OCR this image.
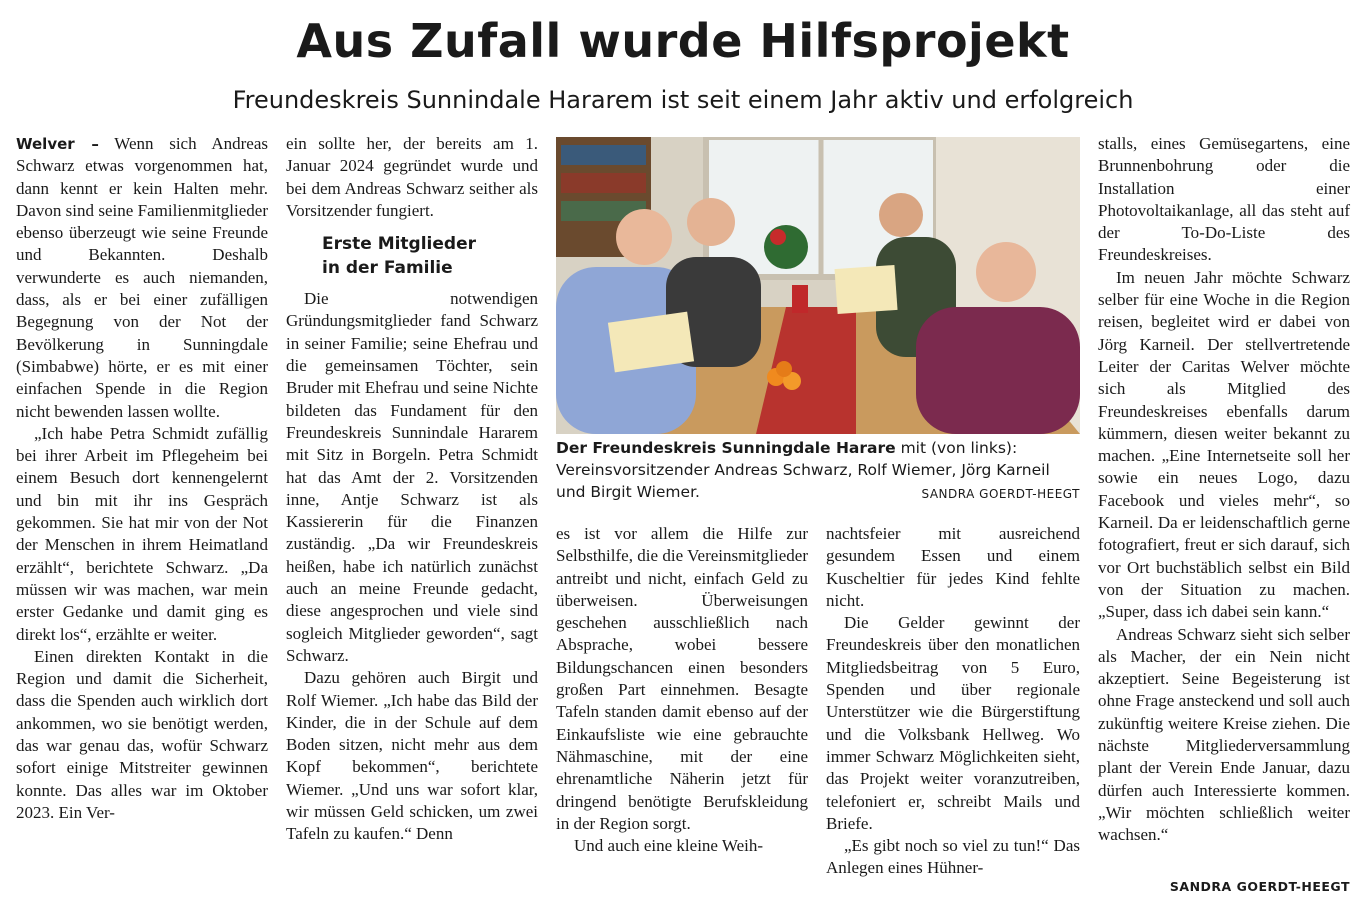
Aus Zufall wurde Hilfsprojekt
Freundeskreis Sunnindale Hararem ist seit einem Jahr aktiv und erfolgreich

Welver – Wenn sich Andreas Schwarz etwas vorgenommen hat, dann kennt er kein Halten mehr. Davon sind seine Familienmitglieder ebenso überzeugt wie seine Freunde und Bekannten. Deshalb verwunderte es auch niemanden, dass, als er bei einer zufälligen Begegnung von der Not der Bevölkerung in Sunningdale (Simbabwe) hörte, er es mit einer einfachen Spende in die Region nicht bewenden lassen wollte.

„Ich habe Petra Schmidt zufällig bei ihrer Arbeit im Pflegeheim bei einem Besuch dort kennengelernt und bin mit ihr ins Gespräch gekommen. Sie hat mir von der Not der Menschen in ihrem Heimatland erzählt“, berichtete Schwarz. „Da müssen wir was machen, war mein erster Gedanke und damit ging es direkt los“, erzählte er weiter.

Einen direkten Kontakt in die Region und damit die Sicherheit, dass die Spenden auch wirklich dort ankommen, wo sie benötigt werden, das war genau das, wofür Schwarz sofort einige Mitstreiter gewinnen konnte. Das alles war im Oktober 2023. Ein Ver-

ein sollte her, der bereits am 1. Januar 2024 gegründet wurde und bei dem Andreas Schwarz seither als Vorsitzender fungiert.

Erste Mitglieder
in der Familie

Die notwendigen Gründungsmitglieder fand Schwarz in seiner Familie; seine Ehefrau und die gemeinsamen Töchter, sein Bruder mit Ehefrau und seine Nichte bildeten das Fundament für den Freundeskreis Sunnindale Hararem mit Sitz in Borgeln. Petra Schmidt hat das Amt der 2. Vorsitzenden inne, Antje Schwarz ist als Kassiererin für die Finanzen zuständig. „Da wir Freundeskreis heißen, habe ich natürlich zunächst auch an meine Freunde gedacht, diese angesprochen und viele sind sogleich Mitglieder geworden“, sagt Schwarz.

Dazu gehören auch Birgit und Rolf Wiemer. „Ich habe das Bild der Kinder, die in der Schule auf dem Boden sitzen, nicht mehr aus dem Kopf bekommen“, berichtete Wiemer. „Und uns war sofort klar, wir müssen Geld schicken, um zwei Tafeln zu kaufen.“ Denn

Der Freundeskreis Sunningdale Harare mit (von links): Vereinsvorsitzender Andreas Schwarz, Rolf Wiemer, Jörg Karneil und Birgit Wiemer.	SANDRA GOERDT-HEEGT

es ist vor allem die Hilfe zur Selbsthilfe, die die Vereinsmitglieder antreibt und nicht, einfach Geld zu überweisen. Überweisungen geschehen ausschließlich nach Absprache, wobei bessere Bildungschancen einen besonders großen Part einnehmen. Besagte Tafeln standen damit ebenso auf der Einkaufsliste wie eine gebrauchte Nähmaschine, mit der eine ehrenamtliche Näherin jetzt für dringend benötigte Berufskleidung in der Region sorgt.

Und auch eine kleine Weih-

nachtsfeier mit ausreichend gesundem Essen und einem Kuscheltier für jedes Kind fehlte nicht.

Die Gelder gewinnt der Freundeskreis über den monatlichen Mitgliedsbeitrag von 5 Euro, Spenden und über regionale Unterstützer wie die Bürgerstiftung und die Volksbank Hellweg. Wo immer Schwarz Möglichkeiten sieht, das Projekt weiter voranzutreiben, telefoniert er, schreibt Mails und Briefe.

„Es gibt noch so viel zu tun!“ Das Anlegen eines Hühner-

stalls, eines Gemüsegartens, eine Brunnenbohrung oder die Installation einer Photovoltaikanlage, all das steht auf der To-Do-Liste des Freundeskreises.

Im neuen Jahr möchte Schwarz selber für eine Woche in die Region reisen, begleitet wird er dabei von Jörg Karneil. Der stellvertretende Leiter der Caritas Welver möchte sich als Mitglied des Freundeskreises ebenfalls darum kümmern, diesen weiter bekannt zu machen. „Eine Internetseite soll her sowie ein neues Logo, dazu Facebook und vieles mehr“, so Karneil. Da er leidenschaftlich gerne fotografiert, freut er sich darauf, sich vor Ort buchstäblich selbst ein Bild von der Situation zu machen. „Super, dass ich dabei sein kann.“

Andreas Schwarz sieht sich selber als Macher, der ein Nein nicht akzeptiert. Seine Begeisterung ist ohne Frage ansteckend und soll auch zukünftig weitere Kreise ziehen. Die nächste Mitgliederversammlung plant der Verein Ende Januar, dazu dürfen auch Interessierte kommen. „Wir möchten schließlich weiter wachsen.“

SANDRA GOERDT-HEEGT
